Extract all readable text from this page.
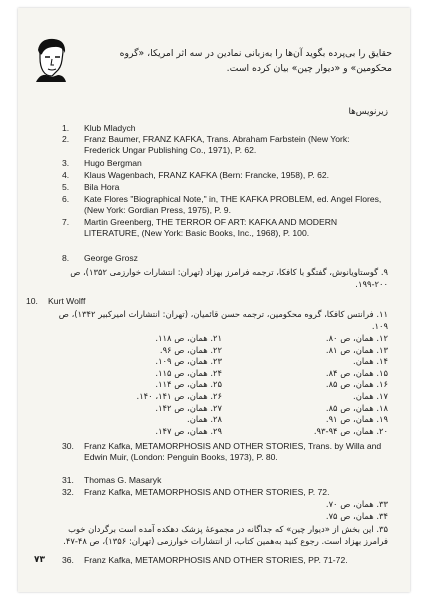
حقایق را بی‌پرده بگوید آن‌ها را به‌زبانی نمادین در سه اثر امریکا، «گروه محکومین» و «دیوار چین» بیان کرده است.
زیرنویس‌ها
1. Klub Mladych
2. Franz Baumer, FRANZ KAFKA, Trans. Abraham Farbstein (New York: Frederick Ungar Publishing Co., 1971), P. 62.
3. Hugo Bergman
4. Klaus Wagenbach, FRANZ KAFKA (Bern: Francke, 1958), P. 62.
5. Bila Hora
6. Kate Flores "Biographical Note," in, THE KAFKA PROBLEM, ed. Angel Flores, (New York: Gordian Press, 1975), P. 9.
7. Martin Greenberg, THE TERROR OF ART: KAFKA AND MODERN LITERATURE, (New York: Basic Books, Inc., 1968), P. 100.
8. George Grosz
۹. گوستاویانوش، گفتگو با کافکا، ترجمه فرامرز بهزاد (تهران: انتشارات خوارزمی ۱۳۵۲)، ص ۲۰۰-۱۹۹.
10. Kurt Wolff
۱۱. فرانتس کافکا، گروه محکومین، ترجمه حسن قائمیان، (تهران: انتشارات امیرکبیر ۱۳۴۲)، ص ۱۰۹.
۱۲. همان، ص ۸۰.
۱۳. همان، ص ۸۱.
۱۴. همان.
۱۵. همان، ص ۸۴.
۱۶. همان، ص ۸۵.
۱۷. همان.
۱۸. همان، ص ۸۵.
۱۹. همان، ص ۹۱.
۲۰. همان، ص ۹۴-۹۳.
۲۱. همان، ص ۱۱۸.
۲۲. همان، ص ۹۶.
۲۳. همان، ص ۱۰۹.
۲۴. همان، ص ۱۱۵.
۲۵. همان، ص ۱۱۴.
۲۶. همان، ص ۱۴۱، ۱۴۰.
۲۷. همان، ص ۱۴۲.
۲۸. همان.
۲۹. همان، ص ۱۴۷.
30. Franz Kafka, METAMORPHOSIS AND OTHER STORIES, Trans. by Willa and Edwin Muir, (London: Penguin Books, 1973), P. 80.
31. Thomas G. Masaryk
32. Franz Kafka, METAMORPHOSIS AND OTHER STORIES, P. 72.
۳۳. همان، ص ۷۰.
۳۴. همان، ص ۷۵.
۳۵. این بخش از «دیوار چین» که جداگانه در مجموعهٔ پزشک دهکده آمده است برگردان خوب فرامرز بهزاد است. رجوع کنید به‌همین کتاب، از انتشارات خوارزمی (تهران: ۱۳۵۶)، ص ۴۸-۴۷.
36. Franz Kafka, METAMORPHOSIS AND OTHER STORIES, PP. 71-72.
۷۳
